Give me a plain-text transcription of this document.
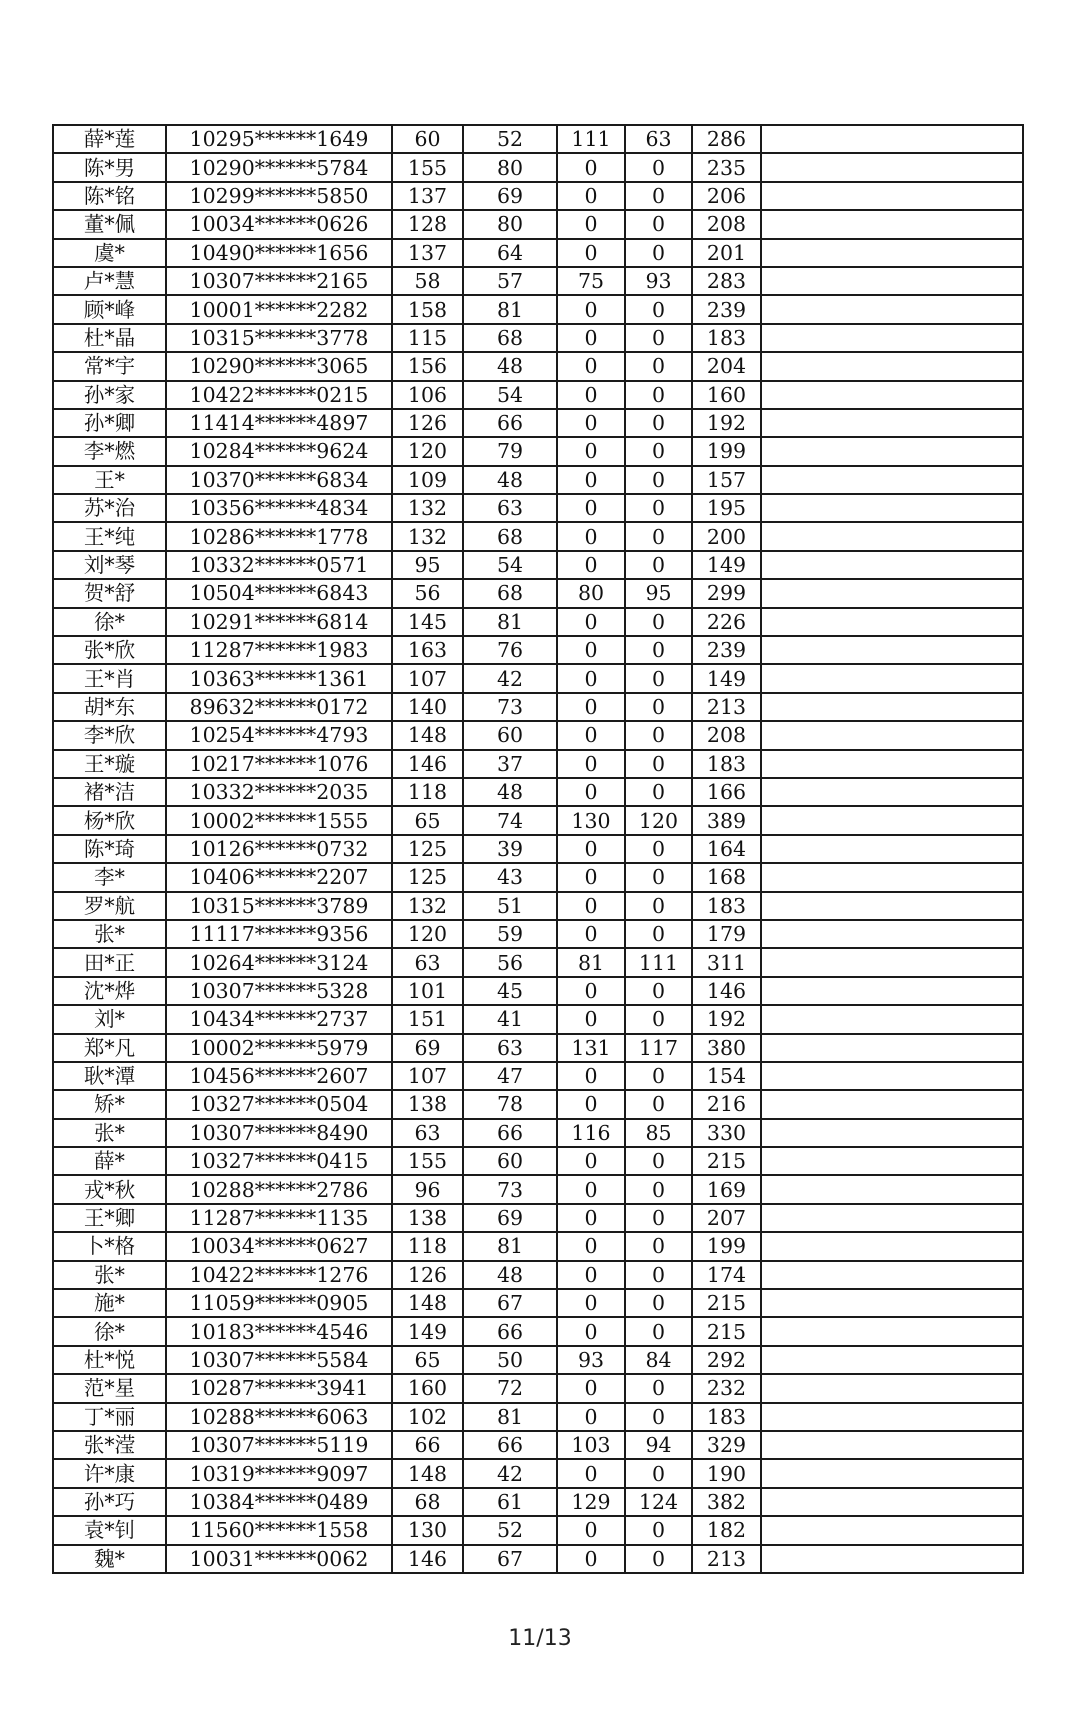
薛*莲	10295******1649	60	52	111	63	286	
陈*男	10290******5784	155	80	0	0	235	
陈*铭	10299******5850	137	69	0	0	206	
董*佩	10034******0626	128	80	0	0	208	
虞*	10490******1656	137	64	0	0	201	
卢*慧	10307******2165	58	57	75	93	283	
顾*峰	10001******2282	158	81	0	0	239	
杜*晶	10315******3778	115	68	0	0	183	
常*宇	10290******3065	156	48	0	0	204	
孙*家	10422******0215	106	54	0	0	160	
孙*卿	11414******4897	126	66	0	0	192	
李*燃	10284******9624	120	79	0	0	199	
王*	10370******6834	109	48	0	0	157	
苏*治	10356******4834	132	63	0	0	195	
王*纯	10286******1778	132	68	0	0	200	
刘*琴	10332******0571	95	54	0	0	149	
贺*舒	10504******6843	56	68	80	95	299	
徐*	10291******6814	145	81	0	0	226	
张*欣	11287******1983	163	76	0	0	239	
王*肖	10363******1361	107	42	0	0	149	
胡*东	89632******0172	140	73	0	0	213	
李*欣	10254******4793	148	60	0	0	208	
王*璇	10217******1076	146	37	0	0	183	
褚*洁	10332******2035	118	48	0	0	166	
杨*欣	10002******1555	65	74	130	120	389	
陈*琦	10126******0732	125	39	0	0	164	
李*	10406******2207	125	43	0	0	168	
罗*航	10315******3789	132	51	0	0	183	
张*	11117******9356	120	59	0	0	179	
田*正	10264******3124	63	56	81	111	311	
沈*烨	10307******5328	101	45	0	0	146	
刘*	10434******2737	151	41	0	0	192	
郑*凡	10002******5979	69	63	131	117	380	
耿*潭	10456******2607	107	47	0	0	154	
矫*	10327******0504	138	78	0	0	216	
张*	10307******8490	63	66	116	85	330	
薛*	10327******0415	155	60	0	0	215	
戎*秋	10288******2786	96	73	0	0	169	
王*卿	11287******1135	138	69	0	0	207	
卜*格	10034******0627	118	81	0	0	199	
张*	10422******1276	126	48	0	0	174	
施*	11059******0905	148	67	0	0	215	
徐*	10183******4546	149	66	0	0	215	
杜*悦	10307******5584	65	50	93	84	292	
范*星	10287******3941	160	72	0	0	232	
丁*丽	10288******6063	102	81	0	0	183	
张*滢	10307******5119	66	66	103	94	329	
许*康	10319******9097	148	42	0	0	190	
孙*巧	10384******0489	68	61	129	124	382	
袁*钊	11560******1558	130	52	0	0	182	
魏*	10031******0062	146	67	0	0	213	
11/13
